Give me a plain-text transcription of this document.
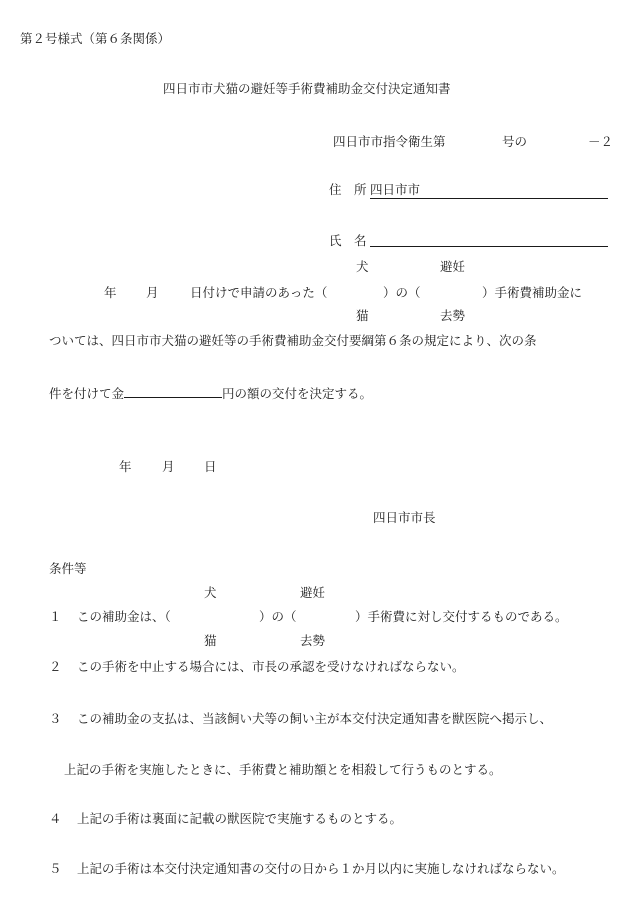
第２号様式（第６条関係）
四日市市犬猫の避妊等手術費補助金交付決定通知書
四日市市指令衛生第	号の	－２
住　所 四日市市
氏　名
犬	避妊
年 月	日付けで申請のあった（	）の（	）手術費補助金に
猫	去勢
ついては、四日市市犬猫の避妊等の手術費補助金交付要綱第６条の規定により、次の条
件を付けて金	円の額の交付を決定する。
年 月 日
四日市市長
条件等
犬	避妊
１ この補助金は、（	）の（	）手術費に対し交付するものである。
猫	去勢
２ この手術を中止する場合には、市長の承認を受けなければならない。
３ この補助金の支払は、当該飼い犬等の飼い主が本交付決定通知書を獣医院へ掲示し、
上記の手術を実施したときに、手術費と補助額とを相殺して行うものとする。
４ 上記の手術は裏面に記載の獣医院で実施するものとする。
５ 上記の手術は本交付決定通知書の交付の日から１か月以内に実施しなければならない。
